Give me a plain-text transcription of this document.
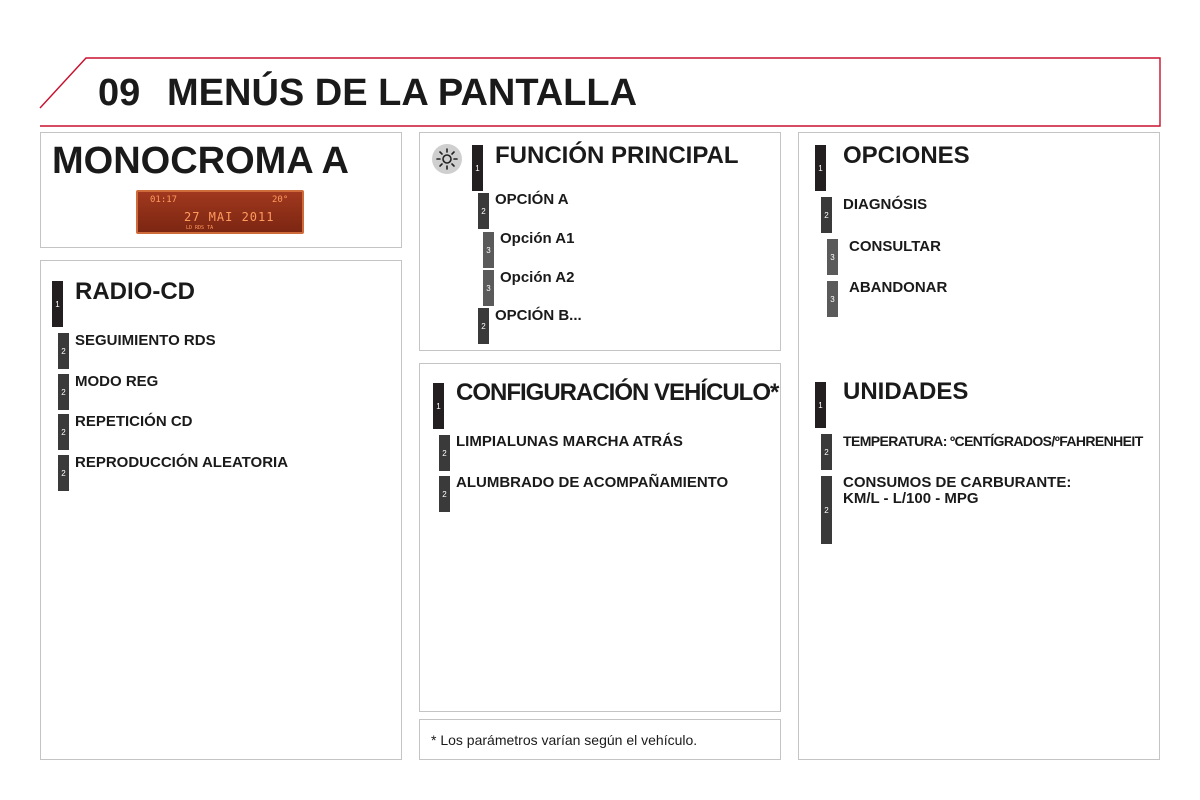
09 MENÚS DE LA PANTALLA
MONOCROMA A
01:17	20°
27 MAI 2011
LD RDS TA
1 RADIO-CD
2
SEGUIMIENTO RDS
2
MODO REG
2
REPETICIÓN CD
2
REPRODUCCIÓN ALEATORIA
1 FUNCIÓN PRINCIPAL
2
OPCIÓN A
3
Opción A1
3
Opción A2
2
OPCIÓN B...
1 CONFIGURACIÓN VEHÍCULO*
2
LIMPIALUNAS MARCHA ATRÁS
2
ALUMBRADO DE ACOMPAÑAMIENTO
* Los parámetros varían según el vehículo.
1 OPCIONES
2
DIAGNÓSIS
3
CONSULTAR
3
ABANDONAR
1 UNIDADES
2
TEMPERATURA: ºCENTÍGRADOS/ºFAHRENHEIT
2
CONSUMOS DE CARBURANTE:
KM/L - L/100 - MPG
